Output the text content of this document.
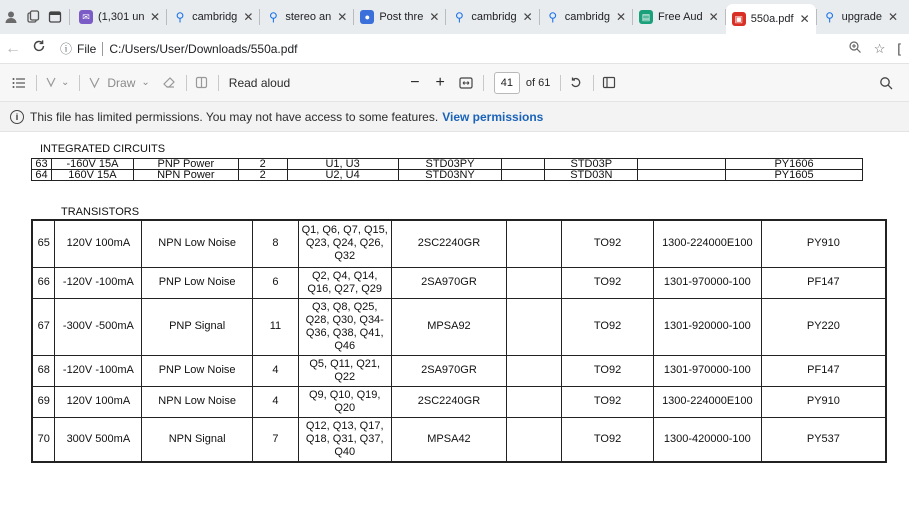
✉ (1,301 un ✕ ⚲ cambridg ✕ ⚲ stereo an ✕	● Post thre ✕ ⚲ cambridg ✕ ⚲ cambridg ✕	▤ Free Aud ✕	▣ 550a.pdf ✕ ⚲ upgrade ✕
←	ⓘ File C:/Users/User/Downloads/550a.pdf	☆ [
⌄	Draw ⌄	Read aloud	− +	41	of 61
i This file has limited permissions. You may not have access to some features. View permissions
INTEGRATED CIRCUITS
63	-160V 15A	PNP Power	2	U1, U3	STD03PY		STD03P		PY1606
64	160V 15A	NPN Power	2	U2, U4	STD03NY		STD03N		PY1605
TRANSISTORS
65	120V 100mA	NPN Low Noise	8	Q1, Q6, Q7, Q15, Q23, Q24, Q26, Q32	2SC2240GR		TO92	1300-224000E100	PY910
66	-120V -100mA	PNP Low Noise	6	Q2, Q4, Q14, Q16, Q27, Q29	2SA970GR		TO92	1301-970000-100	PF147
67	-300V -500mA	PNP Signal	11	Q3, Q8, Q25, Q28, Q30, Q34-Q36, Q38, Q41, Q46	MPSA92		TO92	1301-920000-100	PY220
68	-120V -100mA	PNP Low Noise	4	Q5, Q11, Q21, Q22	2SA970GR		TO92	1301-970000-100	PF147
69	120V 100mA	NPN Low Noise	4	Q9, Q10, Q19, Q20	2SC2240GR		TO92	1300-224000E100	PY910
70	300V 500mA	NPN Signal	7	Q12, Q13, Q17, Q18, Q31, Q37, Q40	MPSA42		TO92	1300-420000-100	PY537
